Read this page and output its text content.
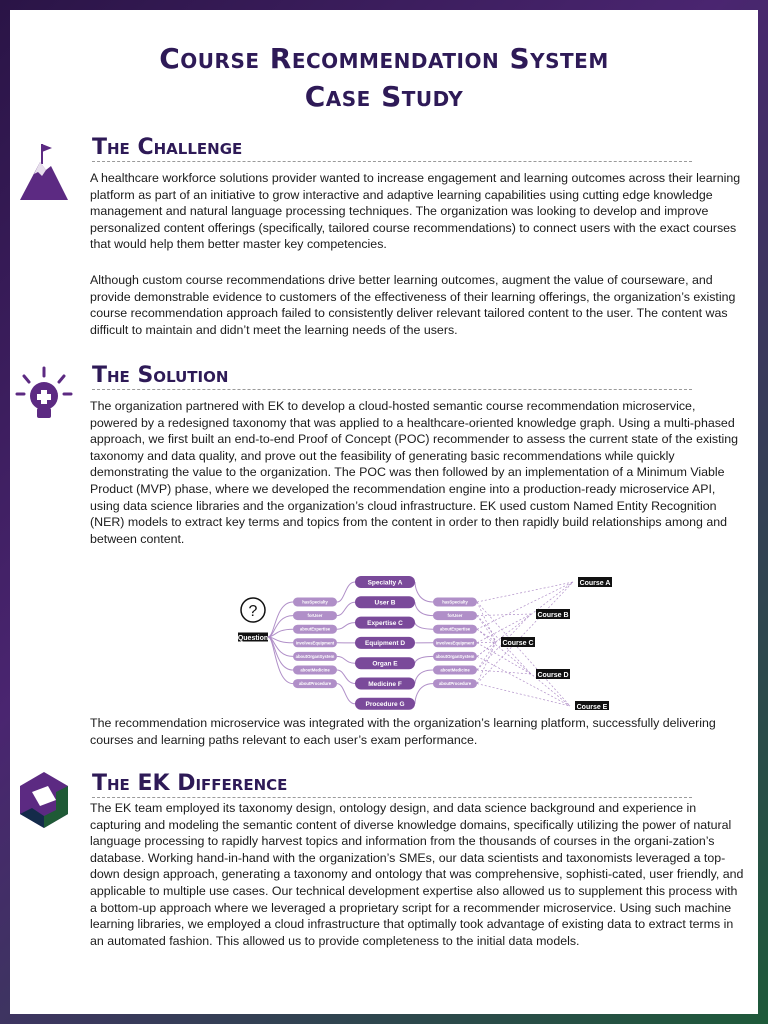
Course Recommendation System
Case Study
The Challenge
A healthcare workforce solutions provider wanted to increase engagement and learning outcomes across their learning platform as part of an initiative to grow interactive and adaptive learning capabilities using cutting edge knowledge management and natural language processing techniques. The organization was looking to develop and improve personalized content offerings (specifically, tailored course recommendations) to connect users with the exact courses that would help them better master key competencies.
Although custom course recommendations drive better learning outcomes, augment the value of courseware, and provide demonstrable evidence to customers of the effectiveness of their learning offerings, the organization’s existing course recommendation approach failed to consistently deliver relevant tailored content to the user. The content was difficult to maintain and didn’t meet the learning needs of the users.
The Solution
The organization partnered with EK to develop a cloud-hosted semantic course recommendation microservice, powered by a redesigned taxonomy that was applied to a healthcare-oriented knowledge graph. Using a multi-phased approach, we first built an end-to-end Proof of Concept (POC) recommender to assess the current state of the existing taxonomy and data quality, and prove out the feasibility of generating basic recommendations while quickly demonstrating the value to the organization. The POC was then followed by an implementation of a Minimum Viable Product (MVP) phase, where we developed the recommendation engine into a production-ready microservice API, using data science libraries and the organization’s cloud infrastructure. EK used custom Named Entity Recognition (NER) models to extract key terms and topics from the content in order to then rapidly build relationships among and between content.
?
Question
hasSpecialty
Specialty A
hasSpecialty
forUser
User B
forUser
aboutExpertise
Expertise C
aboutExpertise
involvesEquipment	Equipment D	involvesEquipment
aboutOrganSystem
Organ E
aboutOrganSystem
aboutMedicine
Medicine F
aboutMedicine
aboutProcedure
Procedure G
aboutProcedure
Course A
Course B
Course C
Course D
Course E
The recommendation microservice was integrated with the organization’s learning platform, successfully delivering courses and learning paths relevant to each user’s exam performance.
The EK Difference
The EK team employed its taxonomy design, ontology design, and data science background and experience in capturing and modeling the semantic content of diverse knowledge domains, specifically utilizing the power of natural language processing to rapidly harvest topics and information from the thousands of courses in the organi-zation’s database. Working hand-in-hand with the organization’s SMEs, our data scientists and taxonomists leveraged a top-down design approach, generating a taxonomy and ontology that was comprehensive, sophisti-cated, user friendly, and applicable to multiple use cases. Our technical development expertise also allowed us to supplement this process with a bottom-up approach where we leveraged a proprietary script for a recommender microservice. Using such machine learning libraries, we employed a cloud infrastructure that optimally took advantage of existing data to extract terms in an automated fashion. This allowed us to provide completeness to the initial data models.
